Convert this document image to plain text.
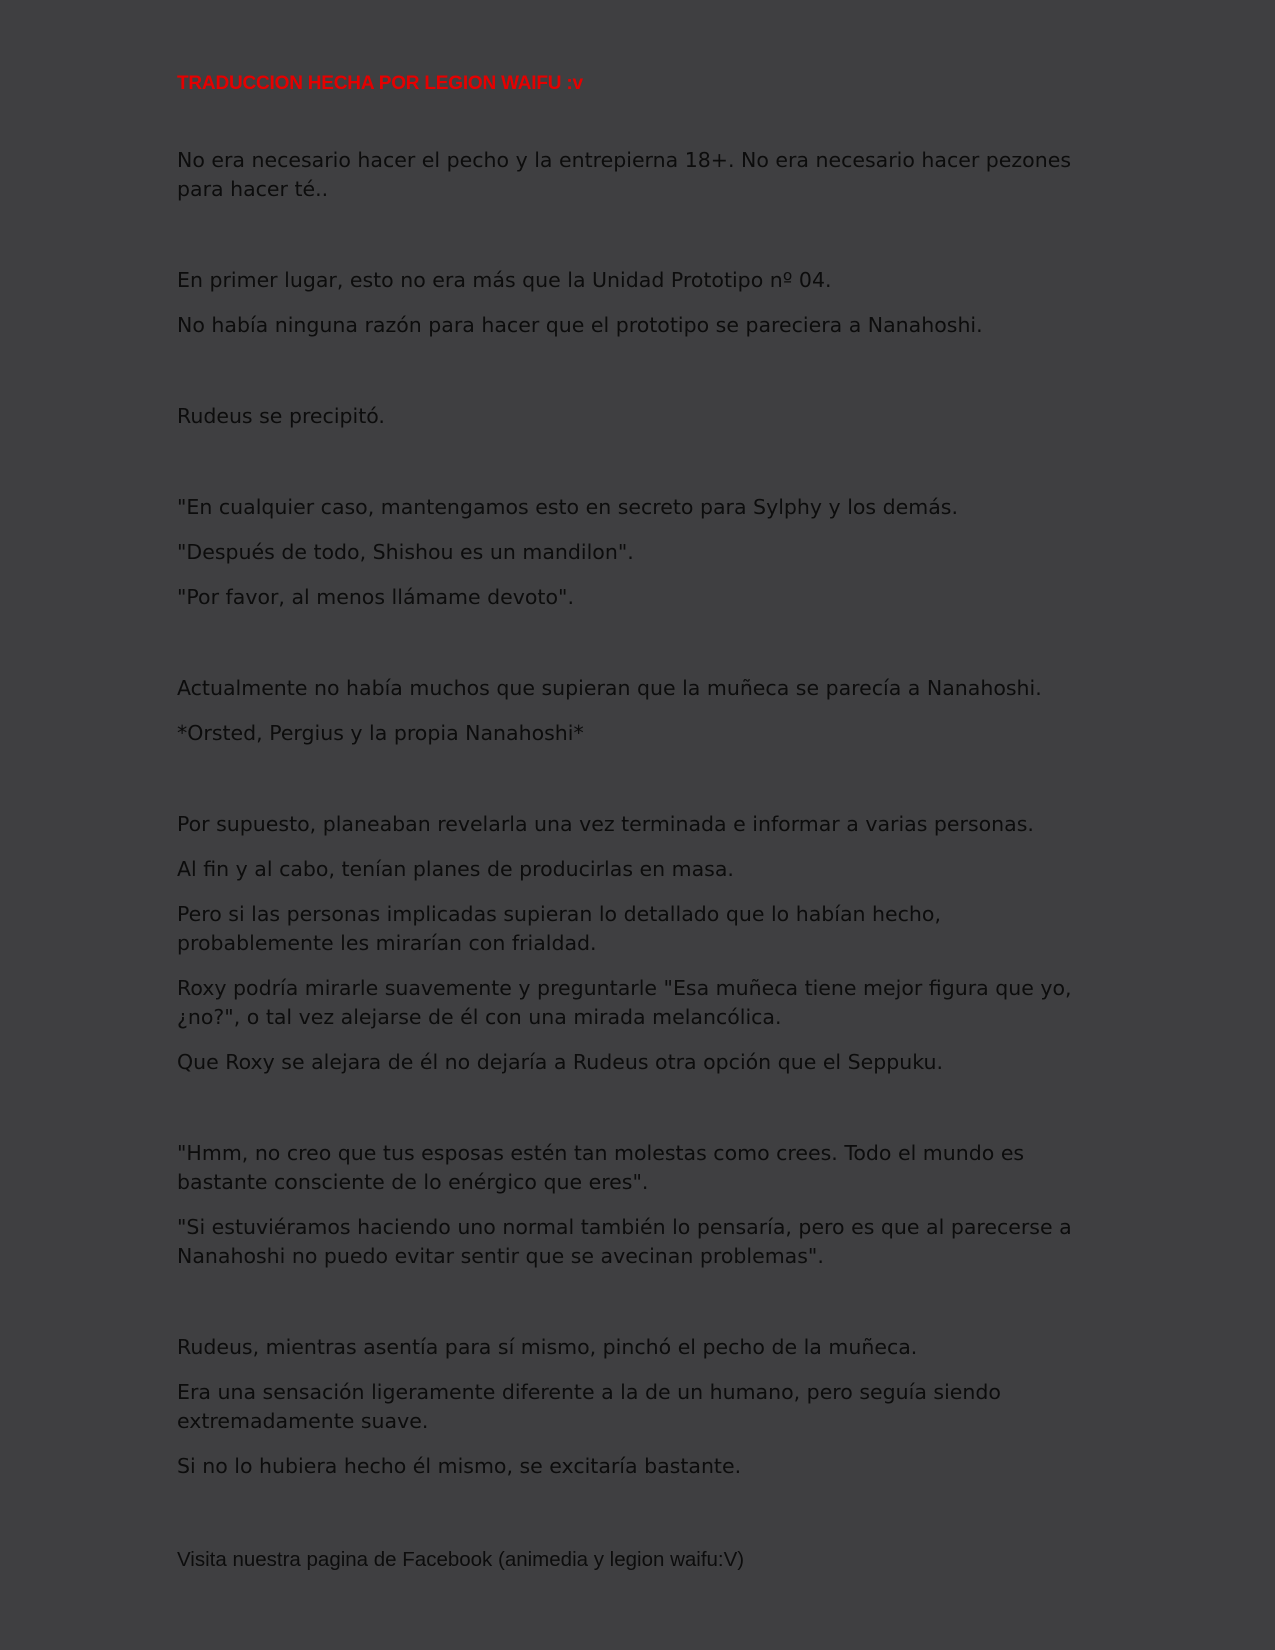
TRADUCCION HECHA POR LEGION WAIFU :v

No era necesario hacer el pecho y la entrepierna 18+. No era necesario hacer pezones para hacer té..

En primer lugar, esto no era más que la Unidad Prototipo nº 04.

No había ninguna razón para hacer que el prototipo se pareciera a Nanahoshi.

Rudeus se precipitó.

"En cualquier caso, mantengamos esto en secreto para Sylphy y los demás.

"Después de todo, Shishou es un mandilon".

"Por favor, al menos llámame devoto".

Actualmente no había muchos que supieran que la muñeca se parecía a Nanahoshi.

*Orsted, Pergius y la propia Nanahoshi*

Por supuesto, planeaban revelarla una vez terminada e informar a varias personas.

Al fin y al cabo, tenían planes de producirlas en masa.

Pero si las personas implicadas supieran lo detallado que lo habían hecho, probablemente les mirarían con frialdad.

Roxy podría mirarle suavemente y preguntarle "Esa muñeca tiene mejor figura que yo, ¿no?", o tal vez alejarse de él con una mirada melancólica.

Que Roxy se alejara de él no dejaría a Rudeus otra opción que el Seppuku.

"Hmm, no creo que tus esposas estén tan molestas como crees. Todo el mundo es bastante consciente de lo enérgico que eres".

"Si estuviéramos haciendo uno normal también lo pensaría, pero es que al parecerse a Nanahoshi no puedo evitar sentir que se avecinan problemas".

Rudeus, mientras asentía para sí mismo, pinchó el pecho de la muñeca.

Era una sensación ligeramente diferente a la de un humano, pero seguía siendo extremadamente suave.

Si no lo hubiera hecho él mismo, se excitaría bastante.

Visita nuestra pagina de Facebook (animedia y legion waifu:V)
